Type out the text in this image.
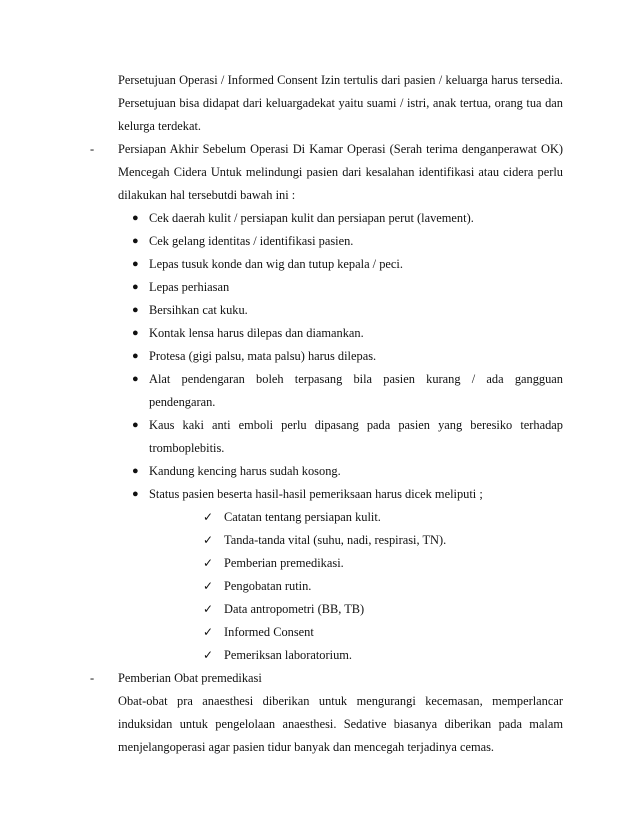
Persetujuan Operasi / Informed Consent Izin tertulis dari pasien / keluarga harus tersedia.
Persetujuan bisa didapat dari keluargadekat yaitu suami / istri, anak tertua, orang tua dan
kelurga terdekat.
- Persiapan Akhir Sebelum Operasi Di Kamar Operasi (Serah terima denganperawat OK)
Mencegah Cidera Untuk melindungi pasien dari kesalahan identifikasi atau cidera perlu
dilakukan hal tersebutdi bawah ini :
● Cek daerah kulit / persiapan kulit dan persiapan perut (lavement).
● Cek gelang identitas / identifikasi pasien.
● Lepas tusuk konde dan wig dan tutup kepala / peci.
● Lepas perhiasan
● Bersihkan cat kuku.
● Kontak lensa harus dilepas dan diamankan.
● Protesa (gigi palsu, mata palsu) harus dilepas.
● Alat pendengaran boleh terpasang bila pasien kurang / ada gangguan
pendengaran.
● Kaus kaki anti emboli perlu dipasang pada pasien yang beresiko terhadap
tromboplebitis.
● Kandung kencing harus sudah kosong.
● Status pasien beserta hasil-hasil pemeriksaan harus dicek meliputi ;
✓ Catatan tentang persiapan kulit.
✓ Tanda-tanda vital (suhu, nadi, respirasi, TN).
✓ Pemberian premedikasi.
✓ Pengobatan rutin.
✓ Data antropometri (BB, TB)
✓ Informed Consent
✓ Pemeriksan laboratorium.
- Pemberian Obat premedikasi
Obat-obat pra anaesthesi diberikan untuk mengurangi kecemasan, memperlancar
induksidan untuk pengelolaan anaesthesi. Sedative biasanya diberikan pada malam
menjelangoperasi agar pasien tidur banyak dan mencegah terjadinya cemas.
